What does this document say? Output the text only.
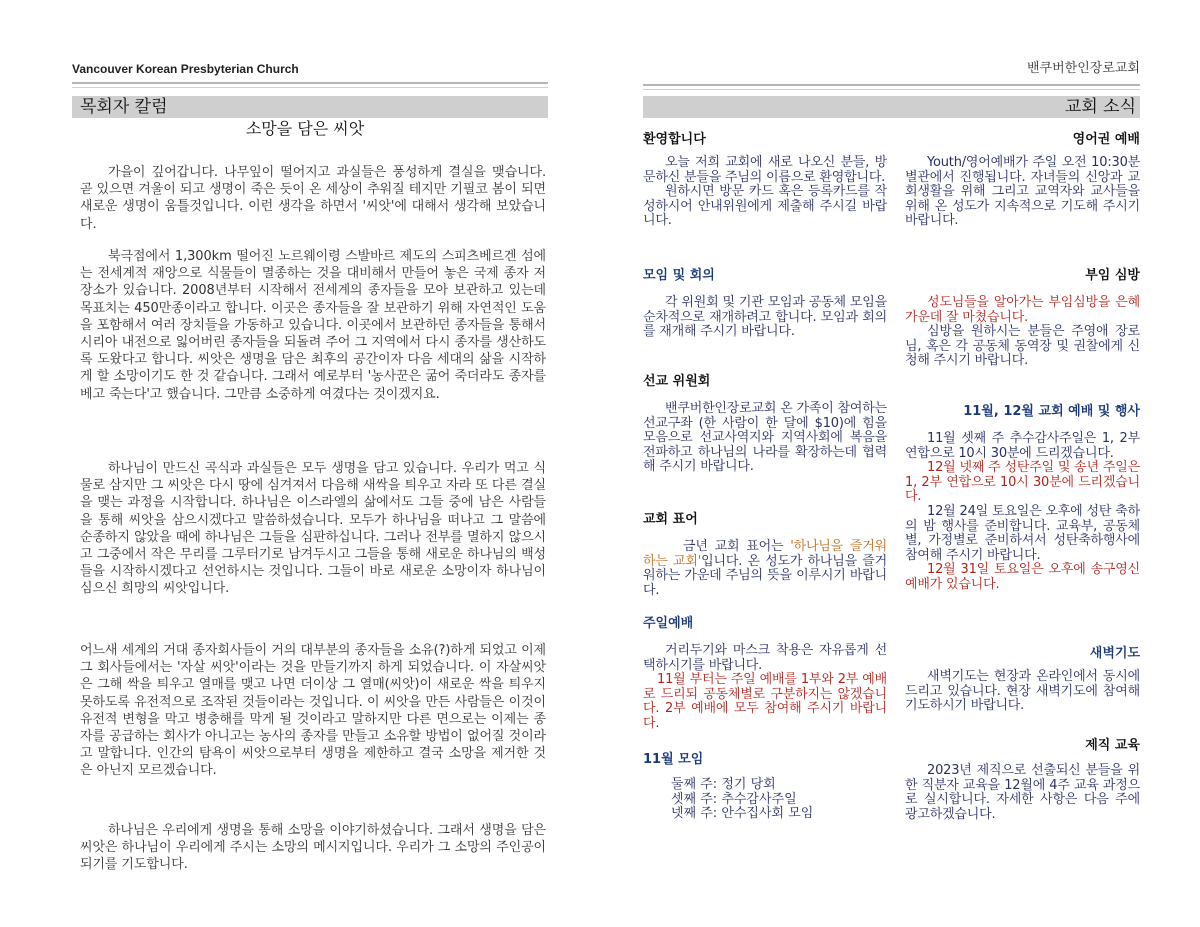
Vancouver Korean Presbyterian Church
목회자 칼럼
소망을 담은 씨앗
가을이 깊어갑니다. 나무잎이 떨어지고 과실들은 풍성하게 결실을 맺습니다. 곧 있으면 겨울이 되고 생명이 죽은 듯이 온 세상이 추워질 테지만 기필코 봄이 되면 새로운 생명이 움틀것입니다. 이런 생각을 하면서 '씨앗'에 대해서 생각해 보았습니다.
북극점에서 1,300km 떨어진 노르웨이령 스발바르 제도의 스피츠베르겐 섬에는 전세계적 재앙으로 식물들이 멸종하는 것을 대비해서 만들어 놓은 국제 종자 저장소가 있습니다. 2008년부터 시작해서 전세계의 종자들을 모아 보관하고 있는데 목표치는 450만종이라고 합니다. 이곳은 종자들을 잘 보관하기 위해 자연적인 도움을 포함해서 여러 장치들을 가동하고 있습니다. 이곳에서 보관하던 종자들을 통해서 시리아 내전으로 잃어버린 종자들을 되돌려 주어 그 지역에서 다시 종자를 생산하도록 도왔다고 합니다. 씨앗은 생명을 담은 최후의 공간이자 다음 세대의 삶을 시작하게 할 소망이기도 한 것 같습니다. 그래서 예로부터 '농사꾼은 굶어 죽더라도 종자를 베고 죽는다'고 했습니다. 그만큼 소중하게 여겼다는 것이겠지요.
하나님이 만드신 곡식과 과실들은 모두 생명을 담고 있습니다. 우리가 먹고 식물로 삼지만 그 씨앗은 다시 땅에 심겨져서 다음해 새싹을 틔우고 자라 또 다른 결실을 맺는 과정을 시작합니다. 하나님은 이스라엘의 삶에서도 그들 중에 남은 사람들을 통해 씨앗을 삼으시겠다고 말씀하셨습니다. 모두가 하나님을 떠나고 그 말씀에 순종하지 않았을 때에 하나님은 그들을 심판하십니다. 그러나 전부를 멸하지 않으시고 그중에서 작은 무리를 그루터기로 남겨두시고 그들을 통해 새로운 하나님의 백성들을 시작하시겠다고 선언하시는 것입니다. 그들이 바로 새로운 소망이자 하나님이 심으신 희망의 씨앗입니다.
어느새 세계의 거대 종자회사들이 거의 대부분의 종자들을 소유(?)하게 되었고 이제 그 회사들에서는 '자살 씨앗'이라는 것을 만들기까지 하게 되었습니다. 이 자살씨앗은 그해 싹을 틔우고 열매를 맺고 나면 더이상 그 열매(씨앗)이 새로운 싹을 틔우지 못하도록 유전적으로 조작된 것들이라는 것입니다. 이 씨앗을 만든 사람들은 이것이 유전적 변형을 막고 병충해를 막게 될 것이라고 말하지만 다른 면으로는 이제는 종자를 공급하는 회사가 아니고는 농사의 종자를 만들고 소유할 방법이 없어질 것이라고 말합니다. 인간의 탐욕이 씨앗으로부터 생명을 제한하고 결국 소망을 제거한 것은 아닌지 모르겠습니다.
하나님은 우리에게 생명을 통해 소망을 이야기하셨습니다. 그래서 생명을 담은 씨앗은 하나님이 우리에게 주시는 소망의 메시지입니다. 우리가 그 소망의 주인공이 되기를 기도합니다.
밴쿠버한인장로교회
교회 소식
환영합니다
오늘 저희 교회에 새로 나오신 분들, 방문하신 분들을 주님의 이름으로 환영합니다.
원하시면 방문 카드 혹은 등록카드를 작성하시어 안내위원에게 제출해 주시길 바랍니다.
모임 및 회의
각 위원회 및 기관 모임과 공동체 모임을 순차적으로 재개하려고 합니다. 모임과 회의를 재개해 주시기 바랍니다.
선교 위원회
밴쿠버한인장로교회 온 가족이 참여하는 선교구좌 (한 사람이 한 달에 $10)에 힘을 모음으로 선교사역지와 지역사회에 복음을 전파하고 하나님의 나라를 확장하는데 협력해 주시기 바랍니다.
교회 표어
금년 교회 표어는 '하나님을 즐거워하는 교회'입니다. 온 성도가 하나님을 즐거워하는 가운데 주님의 뜻을 이루시기 바랍니다.
주일예배
거리두기와 마스크 착용은 자유롭게 선택하시기를 바랍니다.
11월 부터는 주일 예배를 1부와 2부 예배로 드리되 공동체별로 구분하지는 않겠습니다. 2부 예배에 모두 참여해 주시기 바랍니다.
11월 모임
둘째 주: 정기 당회
셋째 주: 추수감사주일
넷째 주: 안수집사회 모임
영어권 예배
Youth/영어예배가 주일 오전 10:30분 별관에서 진행됩니다. 자녀들의 신앙과 교회생활을 위해 그리고 교역자와 교사들을 위해 온 성도가 지속적으로 기도해 주시기 바랍니다.
부임 심방
성도님들을 알아가는 부임심방을 은혜 가운데 잘 마쳤습니다.
심방을 원하시는 분들은 주영애 장로님, 혹은 각 공동체 동역장 및 권찰에게 신청해 주시기 바랍니다.
11월, 12월 교회 예배 및 행사
11월 셋째 주 추수감사주일은 1, 2부 연합으로 10시 30분에 드리겠습니다.
12월 넷째 주 성탄주일 및 송년 주일은 1, 2부 연합으로 10시 30분에 드리겠습니다.
12월 24일 토요일은 오후에 성탄 축하의 밤 행사를 준비합니다. 교육부, 공동체별, 가정별로 준비하셔서 성탄축하행사에 참여해 주시기 바랍니다.
12월 31일 토요일은 오후에 송구영신예배가 있습니다.
새벽기도
새벽기도는 현장과 온라인에서 동시에 드리고 있습니다. 현장 새벽기도에 참여해 기도하시기 바랍니다.
제직 교육
2023년 제직으로 선출되신 분들을 위한 직분자 교육을 12월에 4주 교육 과정으로 실시합니다. 자세한 사항은 다음 주에 광고하겠습니다.
